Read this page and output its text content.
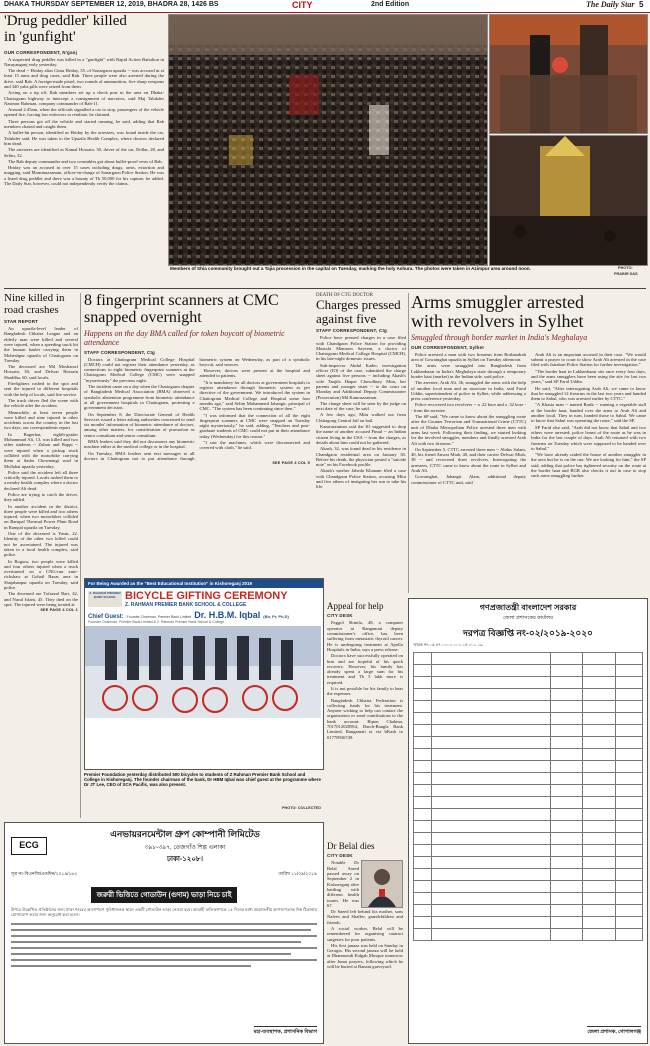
DHAKA THURSDAY SEPTEMBER 12, 2019, BHADRA 28, 1426 BS	CITY	2nd Edition	The Daily Star 5
'Drug peddler' killed
in 'gunfight'
OUR CORRESPONDENT, N'ganj

A suspected drug peddler was killed in a "gunfight" with Rapid Action Battalion in Narayanganj early yesterday.

The dead -- Hriday alias Cimu Hriday, 35, of Sonargaon upazila -- was accused in at least 15 arms and drug cases, said Rab. Three people were also arrested during the drive, said Rab. A foreign-made pistol, two rounds of ammunition, five sharp weapons and 340 yaba pills were seized from them.

Acting on a tip off, Rab members set up a check post in the area on Dhaka-Chattogram highway to intercept a consignment of narcotics, said Maj Talukder Nasimur Rahman, company commander of Rab-11.

Around 2:45am, when the officials signalled a car to stop, passengers of the vehicle opened fire, forcing law enforcers to retaliate, he claimed.

Three persons got off the vehicle and started running, he said, adding that Rab members chased and caught them.

A bullet-hit person, identified as Hriday by the arrestees, was found inside the car, Talukder said. He was taken to the Upazila Health Complex, where doctors declared him dead.

The arrestees are identified as Kamal Hossain, 30, driver of the car, Dollar, 28, and Selim, 32.

The Rab deputy commander and two constables got about bullet-proof vests of Rab.

Hriday was an accused in over 15 cases including drugs, arms, extortion and mugging, said Mominuzzaman, officer-in-charge of Sonargaon Police Station. He was a listed drug peddler and there was a bounty of Tk 50,000 for his capture, he added. The Daily Star, however, could not independently verify the claims.

Members of Shia community brought out a Tajia procession in the capital on Tuesday, marking the holy Ashura. The photos were taken in Azimpur area around noon.	PHOTO:
PRABIR DAS
Nine killed in road crashes
STAR REPORT

An upazila-level leader of Bangladesh Chhatra League and an elderly man were killed and several were injured, when a speeding truck hit the human hauler carrying them in Moheshpur upazila of Chattogram on Tuesday.

The deceased are Md Mosharraf Hossain, 30, and Delwar Hossain Shaddha, 60, said locals.

Firefighters rushed to the spot and sent the injured to different hospitals with the help of locals, said fire service.

The truck driver fled the scene with the vehicle after the accident.

Meanwhile, at least seven people were killed and nine injured in other accidents across the country in the last two days, our correspondents report.

In Bagerhat, eighth-grader Mohammad Ali, 13, was killed and two other students -- Zubair and Bappi -- were injured when a pickup truck collided with the motorbike carrying them at Sadar Chownangi road in Mollahat upazila yesterday.

Police said the accident left all three critically injured. Locals rushed them to a nearby health complex where a doctor declared Ali dead.

Police are trying to catch the driver, they added.

In another accident in the district, three people were killed and two others injured, when two motorbikes collided on Barupal Thermal Power Plant Road in Rampal upazila on Tuesday.

One of the deceased is Yasin, 22. Identity of the other two killed could not be ascertained. The injured was taken to a local health complex, said police.

In Bogura, two people were killed and four others injured when a truck overturned on a CNG-run auto-rickshaw at Gohail Bazar area in Shajahanpur upazila on Tuesday, said police.

The deceased are Tofazzal Bari, 42, and Nurul Islam, 45. They died on the spot. The injured were being treated at

SEE PAGE 4 COL 1
8 fingerprint scanners at CMC snapped overnight
Happens on the day BMA called for token boycott of biometric attendance
STAFF CORRESPONDENT, Ctg

Doctors at Chattogram Medical College Hospital (CMCH) could not register their attendance yesterday, as connections to eight biometric fingerprint scanners at the Chattogram Medical College (CMC) were snapped "mysteriously" the previous night.

The incident came on a day when the Chattogram chapter of Bangladesh Medical Association (BMA) observed a symbolic abstention programme from biometric attendance at all government hospitals in Chattogram, protesting a government decision.

On September 8, the Directorate General of Health Services issued a letter asking authorities concerned to send six months' information of biometric attendance of doctors, among other matters, for consideration of promotion as senior consultant and senior consultant.

BMA leaders said they did not disconnect any biometric machine either at the medical college or in the hospital.

On Tuesday, BMA leaders sent text messages to all doctors in Chattogram not to put attendance through biometric system on Wednesday, as part of a symbolic boycott, said sources.

However, doctors were present at the hospital and attended to patients.

"It is mandatory for all doctors at government hospitals to register attendance through biometric system as per directive of the government. We introduced the system in Chattogram Medical College and Hospital some four months ago," said Selim Mohammed Jahangir, principal of CMC. "The system has been continuing since then."

"I was informed that the connection of all the eight fingerprint scanners at CMC were snapped on Tuesday night mysteriously," he said, adding, "Teachers and post-graduate students of CMC could not put in their attendance today (Wednesday) for this reason."

"I saw the machines, which were disconnected and covered with cloth," he said.

SEE PAGE 4 COL 5
DEATH OF CTG DOCTOR
Charges pressed
against five
STAFF CORRESPONDENT, Ctg

Police have pressed charges in a case filed with Chandgaon Police Station for providing Mustafa Mamoon Sayeem, a doctor of Chattogram Medical College Hospital (CMCH), in his late-night domestic issues.

Sub-inspector Abdul Kader, investigation officer (IO) of the case, submitted the charge sheet against five persons -- including Akash's wife Tanjila Haque Chowdhury Mitu, her parents and younger sister -- to the court on Monday and Additional Deputy Commissioner (Prosecution) Md Kamruzzaman.

The charge sheet will be seen by the judge on next date of the case, he said.

A few days ago, Mitu walked out from Chittagong Central Jail on bail.

Kamruzzaman said the IO suggested to drop the name of another accused Fimal -- an Indian citizen living in the USA -- from the charges, as details about him could not be gathered.

Akash, 32, was found dead in his residence in Chandgaon residential area on January 30. Before his death, the physician posted a "suicide note" on his Facebook profile.

Akash's mother Jaheda Khanam filed a case with Chandgaon Police Station, accusing Mitu and five others of instigating her son to take his life.

Arms smuggler arrested
with revolvers in Sylhet
Smuggled through border market in India's Meghalaya
OUR CORRESPONDENT, Sylhet

Police arrested a man with two firearms from Borhandrah area of Gowainghat upazila in Sylhet on Tuesday afternoon.

The arms were smuggled into Bangladesh from Lakhanbazar in India's Meghalaya state through a temporary border haat (market) in the Indian side, said police.

The arrestee, Arab Ali, 36, smuggled the arms with the help of another local man and an associate in India, said Farid Uddin, superintendent of police in Sylhet, while addressing a press conference yesterday.

Police recovered two revolvers -- a .22 bore and a .32 bore -- from the arrestee.

The SP said, "We came to know about the smuggling route after the Counter Terrorism and Transnational Crime (CTTC) unit of Dhaka Metropolitan Police arrested three men with arms last week. Following their finding, we started looking for the involved smuggler, members and finally arrested Arab Ali with two firearms."

On September 5, CTTC arrested three men -- Abdus Salam, 40, his friend Anwar Miah, 40, and their carrier Delwar Miah, 38 -- and recovered three revolvers. Interrogating the arrestees, CTTC came to know about the route in Sylhet and Arab Ali.

Gowainghat, Jahangir Alam, additional deputy commissioner of CTTC unit, said

Arab Ali is an important accused in their case. "We would submit a prayer to court to show Arab Ali arrested in the case filed with Jatrabari Police Station for further investigation."

"The border haat in Lakhanbazar sits once every four days, and the arms smugglers have been using the site for last two years," said SP Farid Uddin.

He said, "After interrogating Arab Ali, we came to know that he smuggled 12 firearms in the last two years and handed them to Sabul, who was arrested earlier by CTTC."

"A Khasia man -- named Barik -- running a vegetable stall at the border haat, handed over the arms to Arab Ali and another local. They in turn, handed those to Sabul. We came to know that Sabul was operating the route," said the SP.

SP Farid also said, "Arab did not know that Sabul and two others were arrested; police learnt of the route as he was in India for the last couple of days. Arab Ali returned with two firearms on Tuesday which were supposed to be handed over to Sabul."

"We have already raided the house of another smuggler in the area but he is on the run. We are looking for him," the SP said, adding that police has tightened security on the route at the border haat and BGB also checks it out in case to stop such arms smuggling further.

For Being Awarded as the "Best Educational Institution" in Kishoreganj 2019
Z. RAHMAN PREMIER BANK SCHOOL BICYCLE GIFTING CEREMONY
Z. RAHMAN PREMIER BANK SCHOOL & COLLEGE
Chief Guest: Founder Chairman, Premier Bank Limited Dr. H.B.M. Iqbal (Bir, Pr, Ph.D)
Founder Chairman, Premier Bank Limited & Z. Rahman Premier Bank School & College
Premier Foundation yesterday distributed 500 bicycles to students of Z Rahman Premier Bank School and College in Kishoreganj. The founder chairman of the bank, Dr HBM Iqbal was chief guest at the programme where Dr JT Lee, CEO of SCA Pacific, was also present.
PHOTO: COLLECTED
Appeal for help
CITY DESK

Paggol Shimla, 48, a computer operator at Rangamati deputy commissioner's office, has been suffering from metastatic thyroid cancer. He is undergoing treatment at Apollo Hospitals in India, says a press release.

Doctors have successfully operated on him and are hopeful of his quick recovery. However, his family has already spent a large sum for his treatment and Tk 5 lakh more is required.

It is not possible for his family to bear the expenses.

Bangladesh Chhatra Federation is collecting funds for his treatment. Anyone wishing to help can contact the organisation or send contributions to the bank account: Ripon Chakma, 7017012028584, Dutch-Bangla Bank Limited, Rangamati or via bKash to 01778936749.

Dr Belal dies
CITY DESK

Notable Dr Belal Saeed passed away on September 2 in Kishoreganj after battling with different health issues. He was 67.

Dr Saeed left behind his mother, sons Nafees and Shaffer, grandchildren and friends.

A social worker, Belal will be remembered for organising cataract surgeries for poor patients.

His first janaza was held on Sunday in Georgia. His second janaza will be held at Dhanmondi Eidgah Mosque tomorrow after Jumu prayers, following which he will be buried at Banani graveyard.

ECG
এনভায়রনমেন্টাল গ্রুপ কোম্পানী লিমিটেড
৩৯৮-৩৯৭, তেজগাঁও শিল্প এলাকা
ঢাকা-১২০৮।
সূত্র নং-বিএনজি/এডমিন/২০১৯/১৬২	তারিখ ১১/০৯/২০১৯
জরুরী ভিত্তিতে গোডাউন (গুদাম) ভাড়া নিচে চাই
উপরে উল্লেখিত প্রতিষ্ঠানের জন্য ঢাকা শহরের আশেপাশে সুবিধাজনক স্থানে একটি গোডাউন ভাড়া নেওয়া হবে। আগ্রহী মালিকগণকে ১৫ দিনের মধ্যে প্রয়োজনীয় কাগজপত্রসহ নিম্ন ঠিকানায় যোগাযোগ করার জন্য অনুরোধ করা হলো।
মহা-ব্যবস্থাপক, প্রশাসনিক বিভাগ
গণপ্রজাতন্ত্রী বাংলাদেশ সরকার
জেলা প্রশাসকের কার্যালয়
দরপত্র বিজ্ঞপ্তি নং-০২/২০১৯-২০২০
স্মারক নং-০৫.৪৭.০০০০.০০১.১৪.০০১.১৯

জেলা প্রশাসক, গোপালগঞ্জ
